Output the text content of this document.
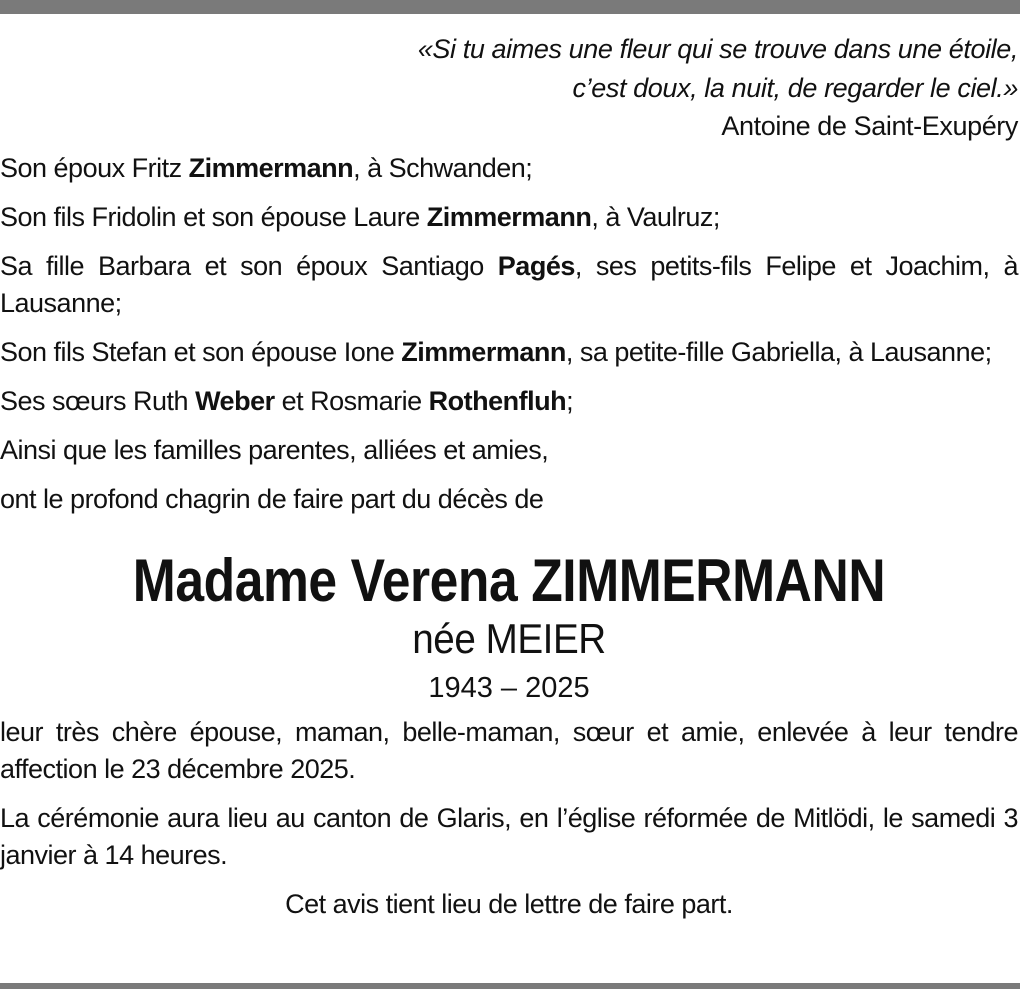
«Si tu aimes une fleur qui se trouve dans une étoile,
c’est doux, la nuit, de regarder le ciel.»
Antoine de Saint-Exupéry

Son époux Fritz Zimmermann, à Schwanden;

Son fils Fridolin et son épouse Laure Zimmermann, à Vaulruz;

Sa fille Barbara et son époux Santiago Pagés, ses petits-fils Felipe et Joachim, à Lausanne;

Son fils Stefan et son épouse Ione Zimmermann, sa petite-fille Gabriella, à Lausanne;

Ses sœurs Ruth Weber et Rosmarie Rothenfluh;

Ainsi que les familles parentes, alliées et amies,

ont le profond chagrin de faire part du décès de

Madame Verena ZIMMERMANN
née MEIER
1943 – 2025

leur très chère épouse, maman, belle-maman, sœur et amie, enlevée à leur tendre affection le 23 décembre 2025.

La cérémonie aura lieu au canton de Glaris, en l’église réformée de Mitlödi, le samedi 3 janvier à 14 heures.

Cet avis tient lieu de lettre de faire part.
